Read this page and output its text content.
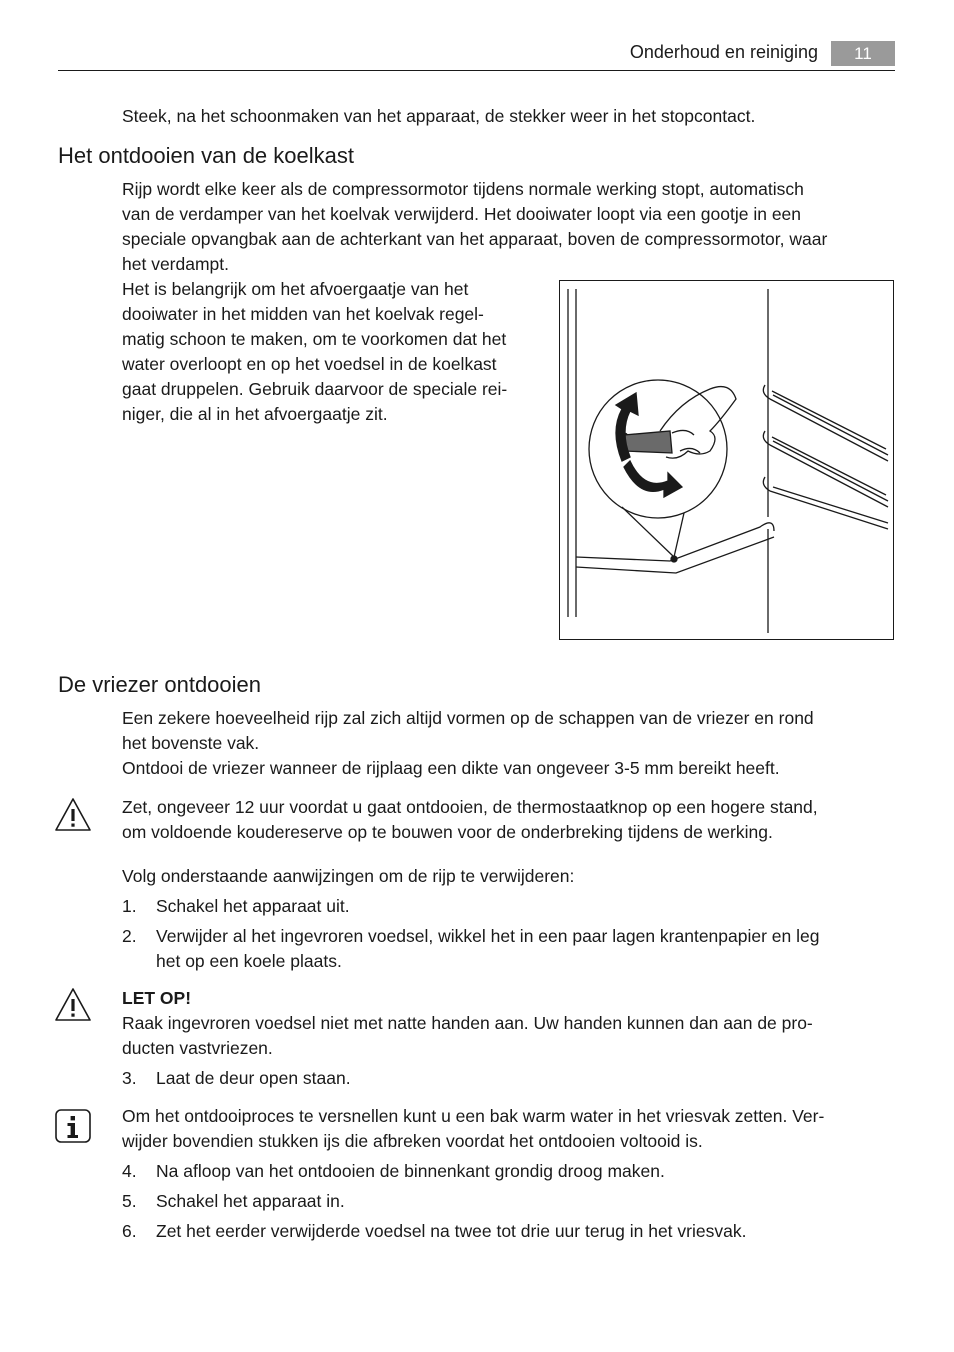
Onderhoud en reiniging	11

Steek, na het schoonmaken van het apparaat, de stekker weer in het stopcontact.

Het ontdooien van de koelkast

Rijp wordt elke keer als de compressormotor tijdens normale werking stopt, automatisch

van de verdamper van het koelvak verwijderd. Het dooiwater loopt via een gootje in een

speciale opvangbak aan de achterkant van het apparaat, boven de compressormotor, waar

het verdampt.

Het is belangrijk om het afvoergaatje van het

dooiwater in het midden van het koelvak regel-

matig schoon te maken, om te voorkomen dat het

water overloopt en op het voedsel in de koelkast

gaat druppelen. Gebruik daarvoor de speciale rei-

niger, die al in het afvoergaatje zit.

De vriezer ontdooien

Een zekere hoeveelheid rijp zal zich altijd vormen op de schappen van de vriezer en rond

het bovenste vak.

Ontdooi de vriezer wanneer de rijplaag een dikte van ongeveer 3-5 mm bereikt heeft.

Zet, ongeveer 12 uur voordat u gaat ontdooien, de thermostaatknop op een hogere stand,

om voldoende koudereserve op te bouwen voor de onderbreking tijdens de werking.

Volg onderstaande aanwijzingen om de rijp te verwijderen:

1. Schakel het apparaat uit.

2. Verwijder al het ingevroren voedsel, wikkel het in een paar lagen krantenpapier en leg

het op een koele plaats.

LET OP!

Raak ingevroren voedsel niet met natte handen aan. Uw handen kunnen dan aan de pro-

ducten vastvriezen.

3. Laat de deur open staan.

Om het ontdooiproces te versnellen kunt u een bak warm water in het vriesvak zetten. Ver-

wijder bovendien stukken ijs die afbreken voordat het ontdooien voltooid is.

4. Na afloop van het ontdooien de binnenkant grondig droog maken.

5. Schakel het apparaat in.

6. Zet het eerder verwijderde voedsel na twee tot drie uur terug in het vriesvak.
